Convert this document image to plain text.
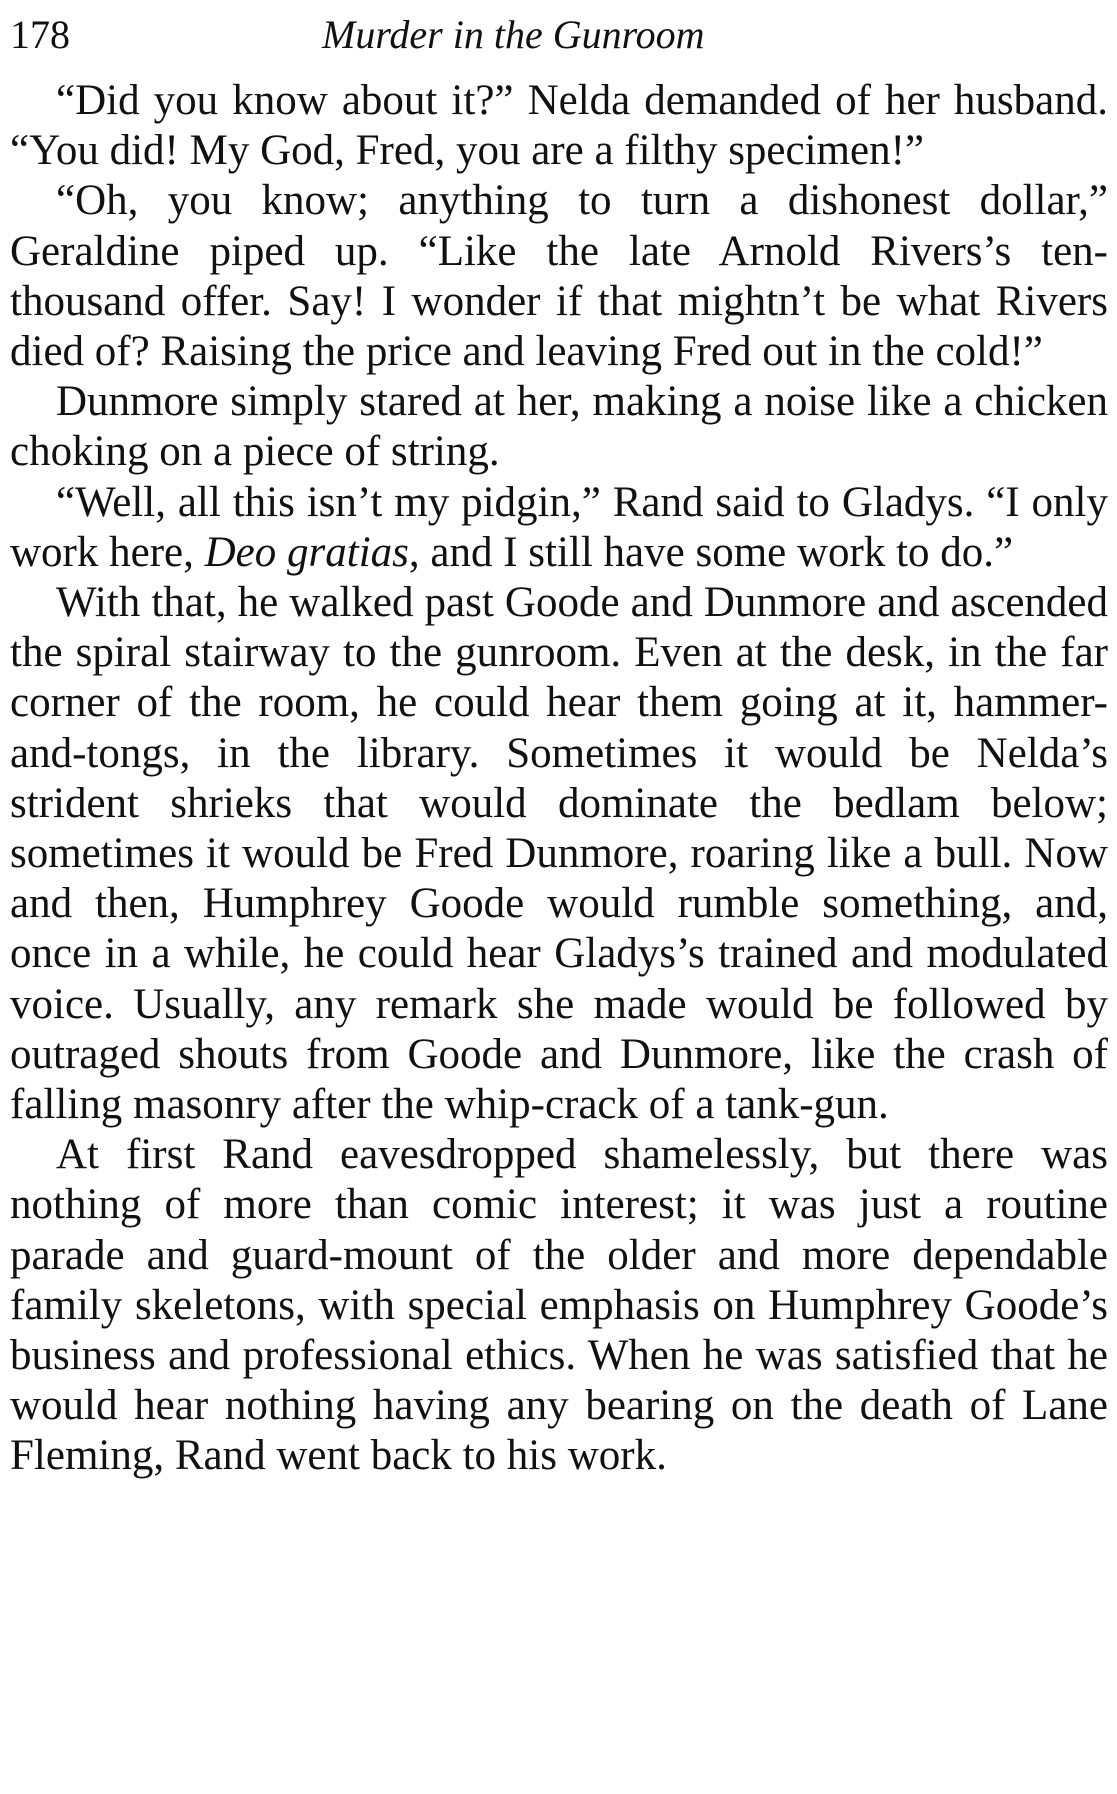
178	Murder in the Gunroom

“Did you know about it?” Nelda demanded of her husband. “You did! My God, Fred, you are a filthy specimen!”

“Oh, you know; anything to turn a dishonest dollar,” Geraldine piped up. “Like the late Arnold Rivers’s ten-thousand offer. Say! I wonder if that mightn’t be what Rivers died of? Raising the price and leaving Fred out in the cold!”

Dunmore simply stared at her, making a noise like a chicken choking on a piece of string.

“Well, all this isn’t my pidgin,” Rand said to Gladys. “I only work here, Deo gratias, and I still have some work to do.”

With that, he walked past Goode and Dunmore and ascended the spiral stairway to the gunroom. Even at the desk, in the far corner of the room, he could hear them going at it, hammer-and-tongs, in the library. Sometimes it would be Nelda’s strident shrieks that would dominate the bedlam below; sometimes it would be Fred Dunmore, roaring like a bull. Now and then, Humphrey Goode would rumble something, and, once in a while, he could hear Gladys’s trained and modulated voice. Usually, any remark she made would be followed by outraged shouts from Goode and Dunmore, like the crash of falling masonry after the whip-crack of a tank-gun.

At first Rand eavesdropped shamelessly, but there was nothing of more than comic interest; it was just a routine parade and guard-mount of the older and more dependable family skeletons, with special emphasis on Humphrey Goode’s business and professional ethics. When he was satisfied that he would hear nothing having any bearing on the death of Lane Fleming, Rand went back to his work.
